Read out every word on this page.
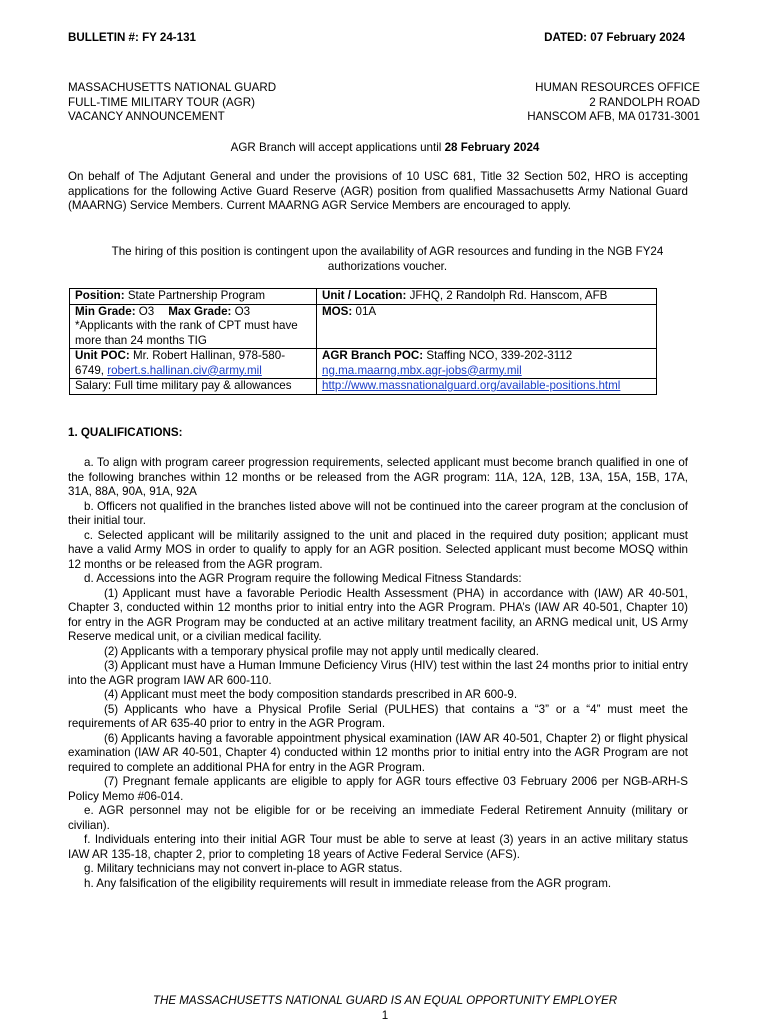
BULLETIN #: FY 24-131	DATED: 07 February 2024
MASSACHUSETTS NATIONAL GUARD
FULL-TIME MILITARY TOUR (AGR)
VACANCY ANNOUNCEMENT
HUMAN RESOURCES OFFICE
2 RANDOLPH ROAD
HANSCOM AFB, MA 01731-3001
AGR Branch will accept applications until 28 February 2024
On behalf of The Adjutant General and under the provisions of 10 USC 681, Title 32 Section 502, HRO is accepting applications for the following Active Guard Reserve (AGR) position from qualified Massachusetts Army National Guard (MAARNG) Service Members. Current MAARNG AGR Service Members are encouraged to apply.
The hiring of this position is contingent upon the availability of AGR resources and funding in the NGB FY24 authorizations voucher.
Position: State Partnership Program	Unit / Location: JFHQ, 2 Randolph Rd. Hanscom, AFB
Min Grade: O3 Max Grade: O3
*Applicants with the rank of CPT must have more than 24 months TIG	MOS: 01A
Unit POC: Mr. Robert Hallinan, 978-580-6749, robert.s.hallinan.civ@army.mil	AGR Branch POC: Staffing NCO, 339-202-3112
ng.ma.maarng.mbx.agr-jobs@army.mil
Salary: Full time military pay & allowances	http://www.massnationalguard.org/available-positions.html
1. QUALIFICATIONS:

a. To align with program career progression requirements, selected applicant must become branch qualified in one of the following branches within 12 months or be released from the AGR program: 11A, 12A, 12B, 13A, 15A, 15B, 17A, 31A, 88A, 90A, 91A, 92A

b. Officers not qualified in the branches listed above will not be continued into the career program at the conclusion of their initial tour.

c. Selected applicant will be militarily assigned to the unit and placed in the required duty position; applicant must have a valid Army MOS in order to qualify to apply for an AGR position. Selected applicant must become MOSQ within 12 months or be released from the AGR program.

d. Accessions into the AGR Program require the following Medical Fitness Standards:

(1) Applicant must have a favorable Periodic Health Assessment (PHA) in accordance with (IAW) AR 40-501, Chapter 3, conducted within 12 months prior to initial entry into the AGR Program. PHA’s (IAW AR 40-501, Chapter 10) for entry in the AGR Program may be conducted at an active military treatment facility, an ARNG medical unit, US Army Reserve medical unit, or a civilian medical facility.

(2) Applicants with a temporary physical profile may not apply until medically cleared.

(3) Applicant must have a Human Immune Deficiency Virus (HIV) test within the last 24 months prior to initial entry into the AGR program IAW AR 600-110.

(4) Applicant must meet the body composition standards prescribed in AR 600-9.

(5) Applicants who have a Physical Profile Serial (PULHES) that contains a “3” or a “4” must meet the requirements of AR 635-40 prior to entry in the AGR Program.

(6) Applicants having a favorable appointment physical examination (IAW AR 40-501, Chapter 2) or flight physical examination (IAW AR 40-501, Chapter 4) conducted within 12 months prior to initial entry into the AGR Program are not required to complete an additional PHA for entry in the AGR Program.

(7) Pregnant female applicants are eligible to apply for AGR tours effective 03 February 2006 per NGB-ARH-S Policy Memo #06-014.

e. AGR personnel may not be eligible for or be receiving an immediate Federal Retirement Annuity (military or civilian).

f. Individuals entering into their initial AGR Tour must be able to serve at least (3) years in an active military status IAW AR 135-18, chapter 2, prior to completing 18 years of Active Federal Service (AFS).

g. Military technicians may not convert in-place to AGR status.

h. Any falsification of the eligibility requirements will result in immediate release from the AGR program.

THE MASSACHUSETTS NATIONAL GUARD IS AN EQUAL OPPORTUNITY EMPLOYER
1
